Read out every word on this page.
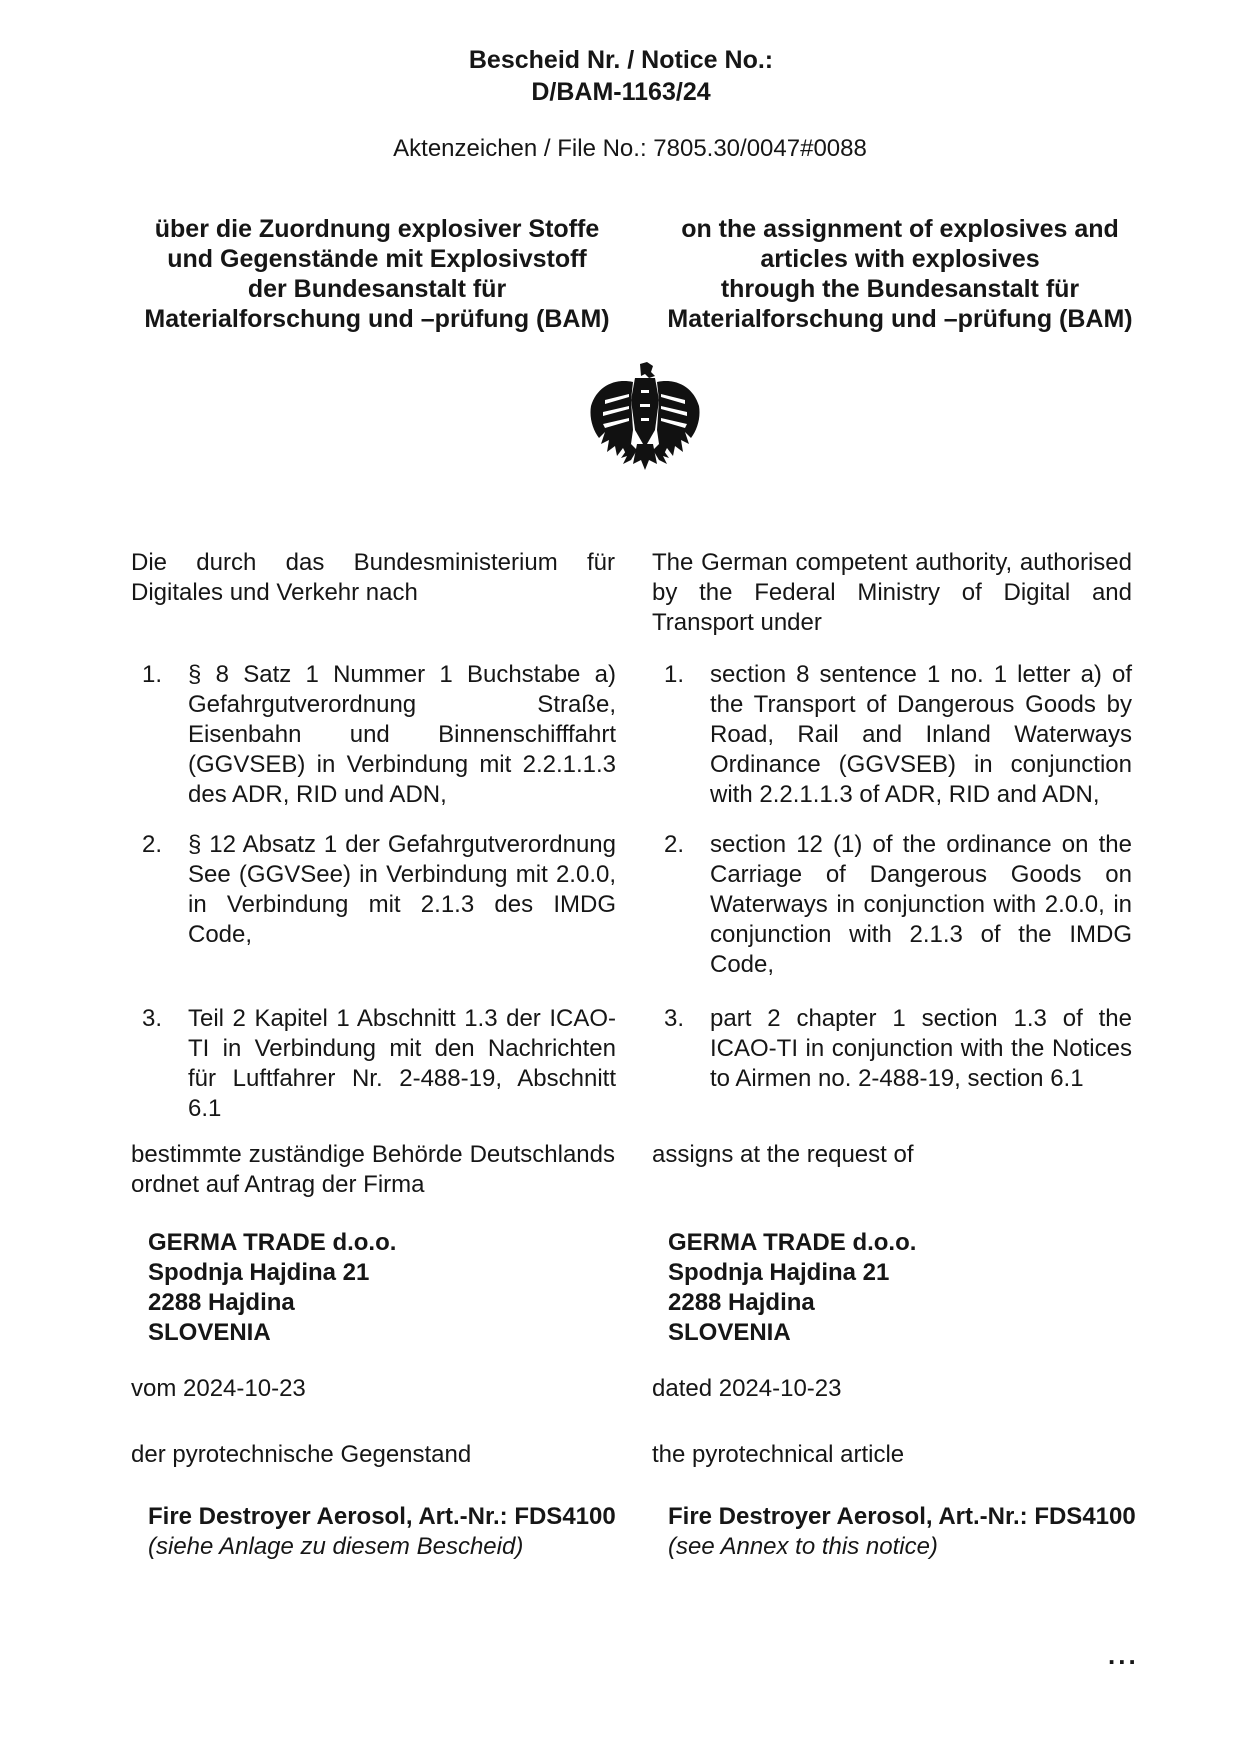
Bescheid Nr. / Notice No.:
D/BAM-1163/24
Aktenzeichen / File No.: 7805.30/0047#0088
über die Zuordnung explosiver Stoffe
und Gegenstände mit Explosivstoff
der Bundesanstalt für
Materialforschung und –prüfung (BAM)
on the assignment of explosives and
articles with explosives
through the Bundesanstalt für
Materialforschung und –prüfung (BAM)
Die durch das Bundesministerium für Digitales und Verkehr nach
1. § 8 Satz 1 Nummer 1 Buchstabe a) Gefahrgutverordnung Straße, Eisenbahn und Binnenschifffahrt (GGVSEB) in Verbindung mit 2.2.1.1.3 des ADR, RID und ADN,
2. § 12 Absatz 1 der Gefahrgutverordnung See (GGVSee) in Verbindung mit 2.0.0, in Verbindung mit 2.1.3 des IMDG Code,
3. Teil 2 Kapitel 1 Abschnitt 1.3 der ICAO-TI in Verbindung mit den Nachrichten für Luftfahrer Nr. 2-488-19, Abschnitt 6.1
bestimmte zuständige Behörde Deutschlands ordnet auf Antrag der Firma
GERMA TRADE d.o.o.
Spodnja Hajdina 21
2288 Hajdina
SLOVENIA
vom 2024-10-23
der pyrotechnische Gegenstand
Fire Destroyer Aerosol, Art.-Nr.: FDS4100
(siehe Anlage zu diesem Bescheid)
The German competent authority, authorised by the Federal Ministry of Digital and Transport under
1. section 8 sentence 1 no. 1 letter a) of the Transport of Dangerous Goods by Road, Rail and Inland Waterways Ordinance (GGVSEB) in conjunction with 2.2.1.1.3 of ADR, RID and ADN,
2. section 12 (1) of the ordinance on the Carriage of Dangerous Goods on Waterways in conjunction with 2.0.0, in conjunction with 2.1.3 of the IMDG Code,
3. part 2 chapter 1 section 1.3 of the ICAO-TI in conjunction with the Notices to Airmen no. 2-488-19, section 6.1
assigns at the request of
GERMA TRADE d.o.o.
Spodnja Hajdina 21
2288 Hajdina
SLOVENIA
dated 2024-10-23
the pyrotechnical article
Fire Destroyer Aerosol, Art.-Nr.: FDS4100
(see Annex to this notice)
...
